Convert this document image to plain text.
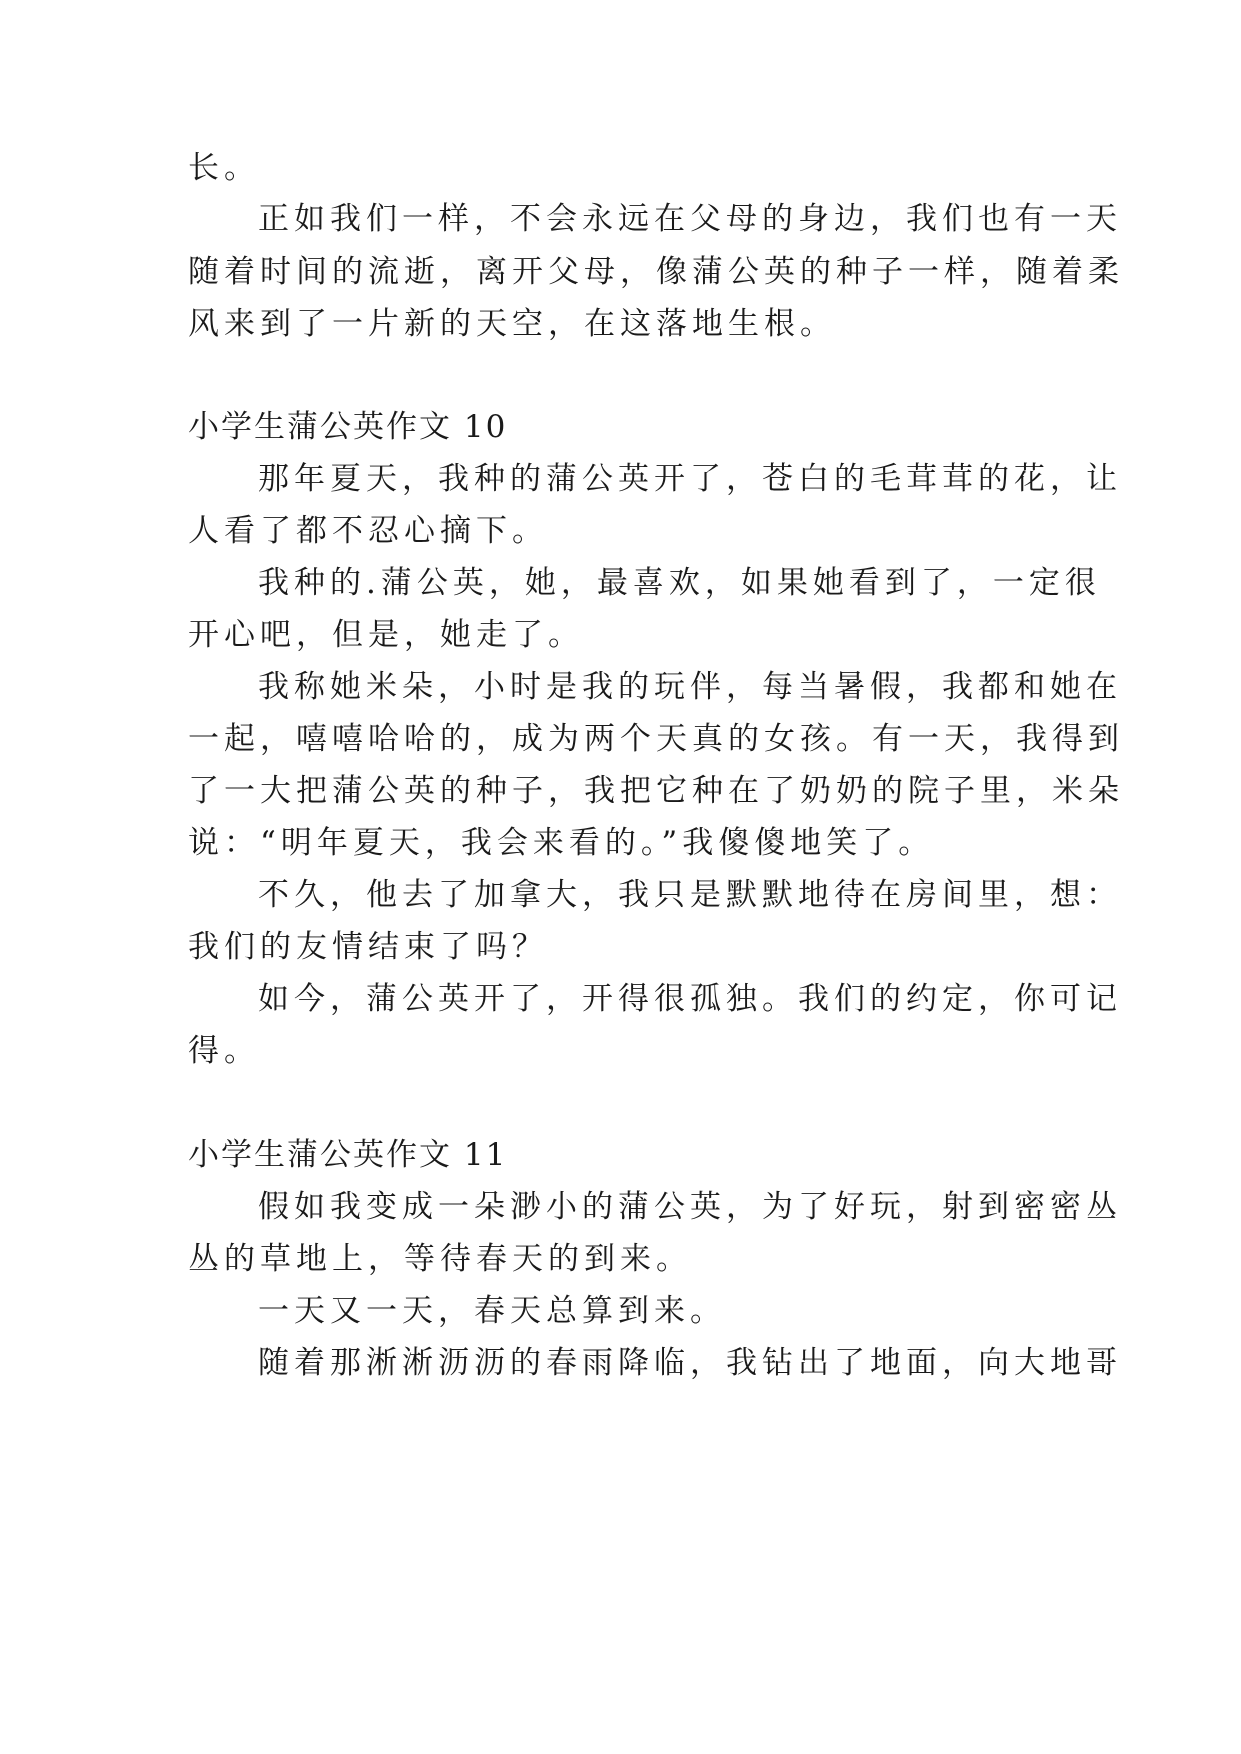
长。
正如我们一样，不会永远在父母的身边，我们也有一天
随着时间的流逝，离开父母，像蒲公英的种子一样，随着柔
风来到了一片新的天空，在这落地生根。
小学生蒲公英作文 10
那年夏天，我种的蒲公英开了，苍白的毛茸茸的花，让
人看了都不忍心摘下。
我种的.蒲公英，她，最喜欢，如果她看到了，一定很
开心吧，但是，她走了。
我称她米朵，小时是我的玩伴，每当暑假，我都和她在
一起，嘻嘻哈哈的，成为两个天真的女孩。有一天，我得到
了一大把蒲公英的种子，我把它种在了奶奶的院子里，米朵
说：“明年夏天，我会来看的。”我傻傻地笑了。
不久，他去了加拿大，我只是默默地待在房间里，想：
我们的友情结束了吗？
如今，蒲公英开了，开得很孤独。我们的约定，你可记
得。
小学生蒲公英作文 11
假如我变成一朵渺小的蒲公英，为了好玩，射到密密丛
丛的草地上，等待春天的到来。
一天又一天，春天总算到来。
随着那淅淅沥沥的春雨降临，我钻出了地面，向大地哥
